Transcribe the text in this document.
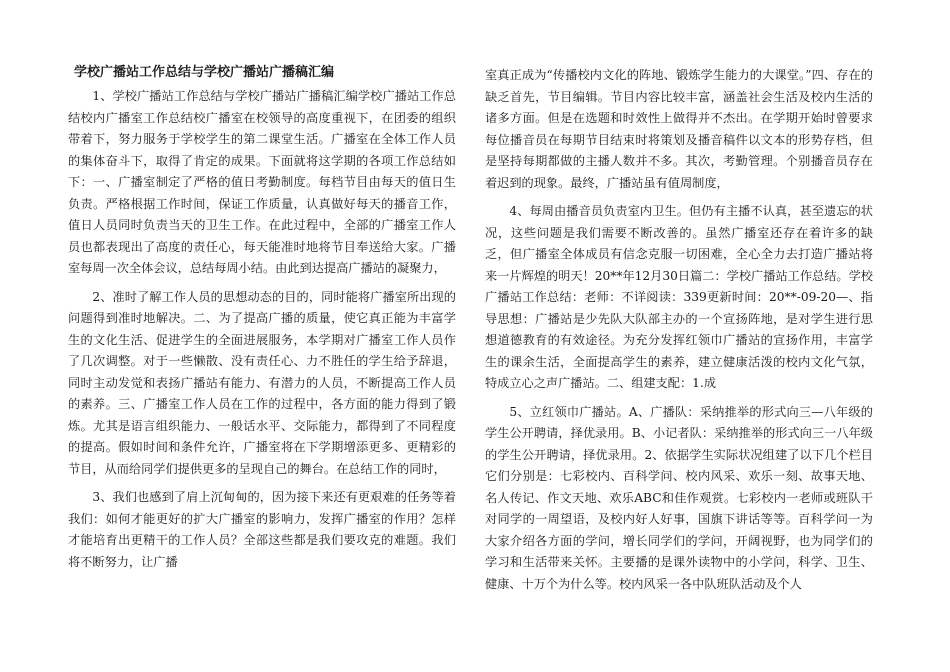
学校广播站工作总结与学校广播站广播稿汇编

1、学校广播站工作总结与学校广播站广播稿汇编学校广播站工作总结校内广播室工作总结校广播室在校领导的高度重视下，在团委的组织带着下，努力服务于学校学生的第二课堂生活。广播室在全体工作人员的集体奋斗下，取得了肯定的成果。下面就将这学期的各项工作总结如下：一、广播室制定了严格的值日考勤制度。每档节目由每天的值日生负责。严格根据工作时间，保证工作质量，认真做好每天的播音工作，值日人员同时负责当天的卫生工作。在此过程中，全部的广播室工作人员也都表现出了高度的责任心，每天能准时地将节目奉送给大家。广播室每周一次全体会议，总结每周小结。由此到达提高广播站的凝聚力，

2、准时了解工作人员的思想动态的目的，同时能将广播室所出现的问题得到准时地解决。二、为了提高广播的质量，使它真正能为丰富学生的文化生活、促进学生的全面进展服务，本学期对广播室工作人员作了几次调整。对于一些懒散、没有责任心、力不胜任的学生给予辞退，同时主动发觉和表扬广播站有能力、有潜力的人员，不断提高工作人员的素养。三、广播室工作人员在工作的过程中，各方面的能力得到了锻炼。尤其是语言组织能力、一般话水平、交际能力，都得到了不同程度的提高。假如时间和条件允许，广播室将在下学期增添更多、更精彩的节目，从而给同学们提供更多的呈现自己的舞台。在总结工作的同时，

3、我们也感到了肩上沉甸甸的，因为接下来还有更艰难的任务等着我们：如何才能更好的扩大广播室的影响力，发挥广播室的作用？怎样才能培育出更精干的工作人员？全部这些都是我们要攻克的难题。我们将不断努力，让广播

室真正成为“传播校内文化的阵地、锻炼学生能力的大课堂。”四、存在的缺乏首先，节目编辑。节目内容比较丰富，涵盖社会生活及校内生活的诸多方面。但是在选题和时效性上做得并不杰出。在学期开始时曾要求每位播音员在每期节目结束时将策划及播音稿件以文本的形势存档，但是坚持每期都做的主播人数并不多。其次，考勤管理。个别播音员存在着迟到的现象。最终，广播站虽有值周制度，

4、每周由播音员负责室内卫生。但仍有主播不认真，甚至遗忘的状况，这些问题是我们需要不断改善的。虽然广播室还存在着许多的缺乏，但广播室全体成员有信念克服一切困难，全心全力去打造广播站将来一片辉煌的明天！20**年12月30日篇二：学校广播站工作总结。学校广播站工作总结：老师：不详阅读：339更新时间：20**-09-20—、指导思想：广播站是少先队大队部主办的一个宣扬阵地，是对学生进行思想道德教育的有效途径。为充分发挥红领巾广播站的宣扬作用，丰富学生的课余生活，全面提高学生的素养，建立健康活泼的校内文化气氛，特成立心之声广播站。二、组建支配：1.成

5、立红领巾广播站。A、广播队：采纳推举的形式向三—八年级的学生公开聘请，择优录用。B、小记者队：采纳推举的形式向三一八年级的学生公开聘请，择优录用。2、依据学生实际状况组建了以下几个栏目它们分别是：七彩校内、百科学问、校内风采、欢乐一刻、故事天地、名人传记、作文天地、欢乐ABC和佳作观赏。七彩校内一老师或班队干对同学的一周望语，及校内好人好事，国旗下讲话等等。百科学问一为大家介绍各方面的学问，增长同学们的学问，开阔视野，也为同学们的学习和生活带来关怀。主要播的是课外读物中的小学问，科学、卫生、健康、十万个为什么等。校内风采一各中队班队活动及个人
